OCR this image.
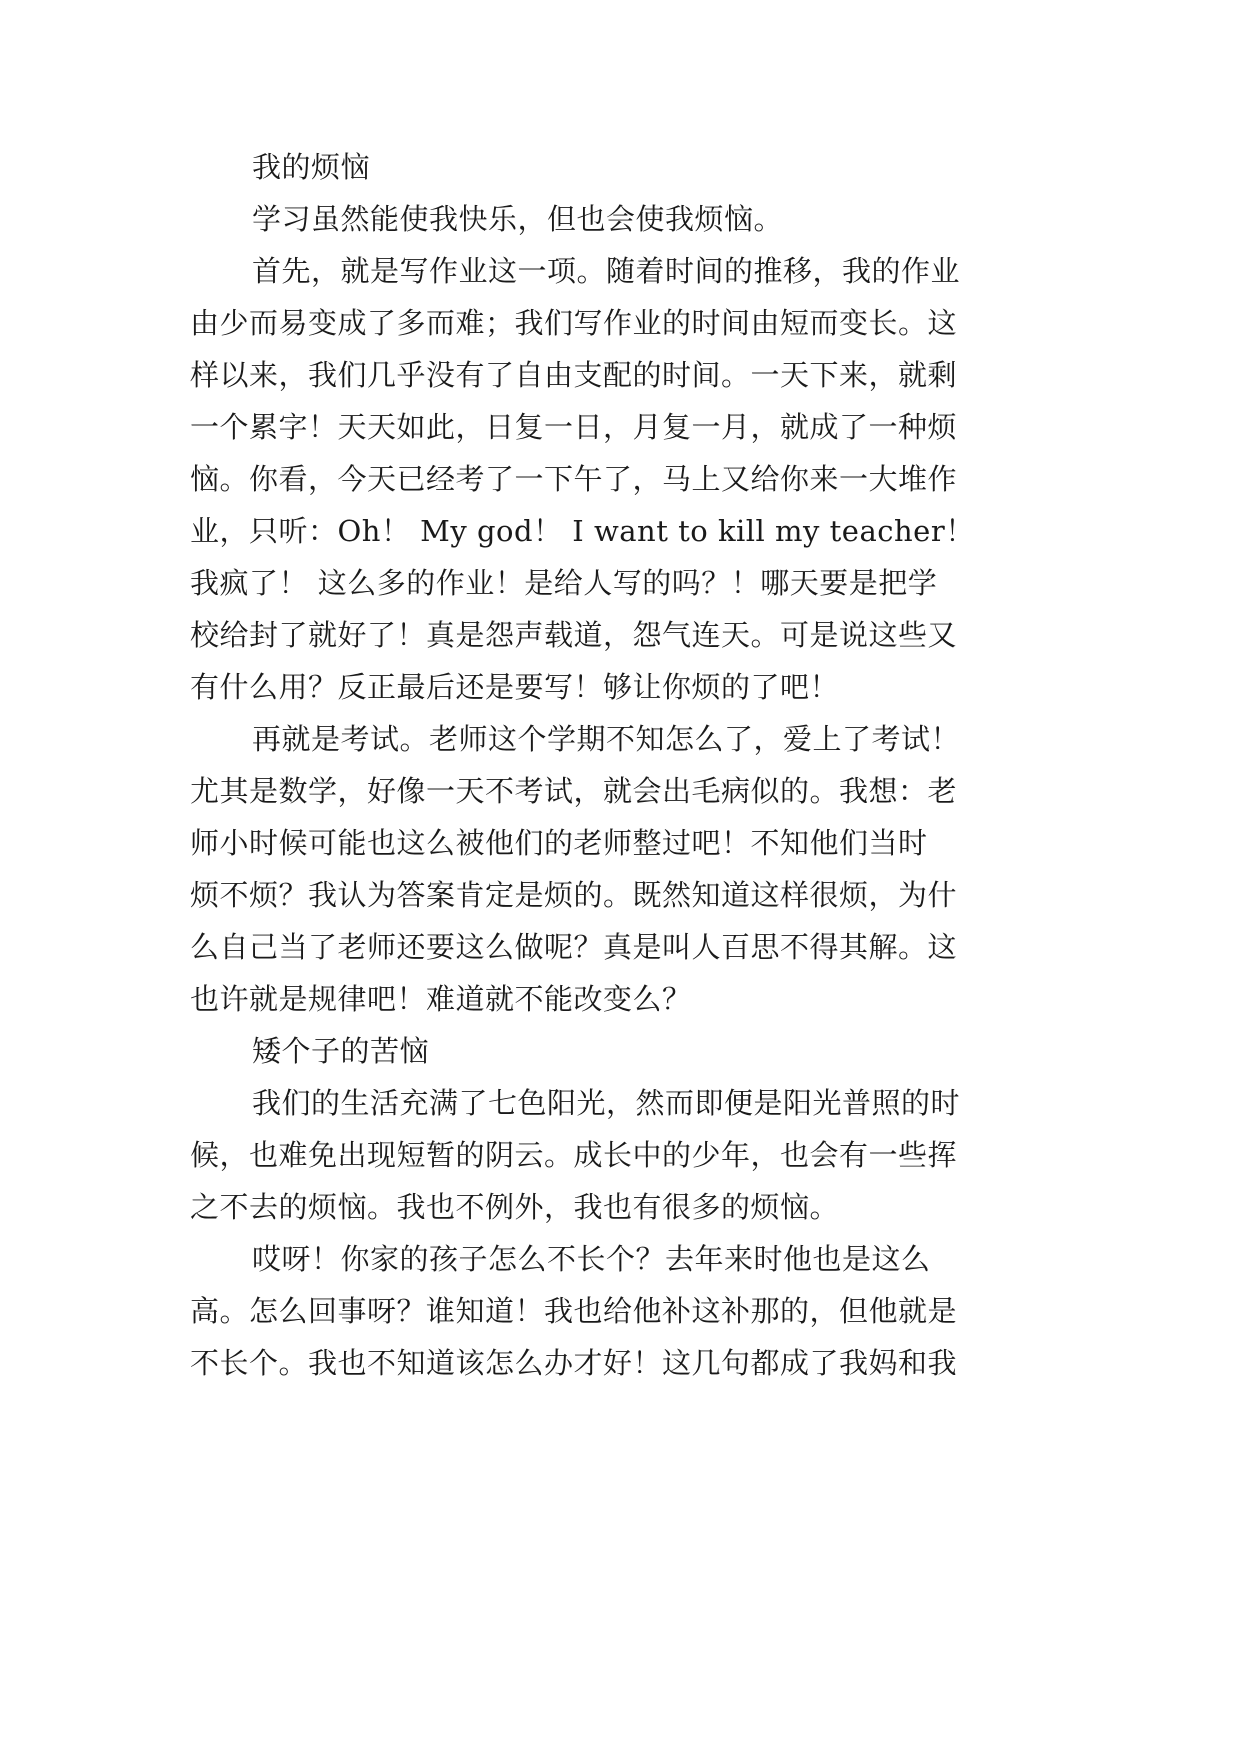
我的烦恼
学习虽然能使我快乐，但也会使我烦恼。
首先，就是写作业这一项。随着时间的推移，我的作业
由少而易变成了多而难；我们写作业的时间由短而变长。这
样以来，我们几乎没有了自由支配的时间。一天下来，就剩
一个累字！天天如此，日复一日，月复一月，就成了一种烦
恼。你看，今天已经考了一下午了，马上又给你来一大堆作
业，只听：Oh！ My god！ I want to kill my teacher！
我疯了！ 这么多的作业！是给人写的吗？！哪天要是把学
校给封了就好了！真是怨声载道，怨气连天。可是说这些又
有什么用？反正最后还是要写！够让你烦的了吧！
再就是考试。老师这个学期不知怎么了，爱上了考试！
尤其是数学，好像一天不考试，就会出毛病似的。我想：老
师小时候可能也这么被他们的老师整过吧！不知他们当时
烦不烦？我认为答案肯定是烦的。既然知道这样很烦，为什
么自己当了老师还要这么做呢？真是叫人百思不得其解。这
也许就是规律吧！难道就不能改变么？
矮个子的苦恼
我们的生活充满了七色阳光，然而即便是阳光普照的时
候，也难免出现短暂的阴云。成长中的少年，也会有一些挥
之不去的烦恼。我也不例外，我也有很多的烦恼。
哎呀！你家的孩子怎么不长个？去年来时他也是这么
高。怎么回事呀？谁知道！我也给他补这补那的，但他就是
不长个。我也不知道该怎么办才好！这几句都成了我妈和我
